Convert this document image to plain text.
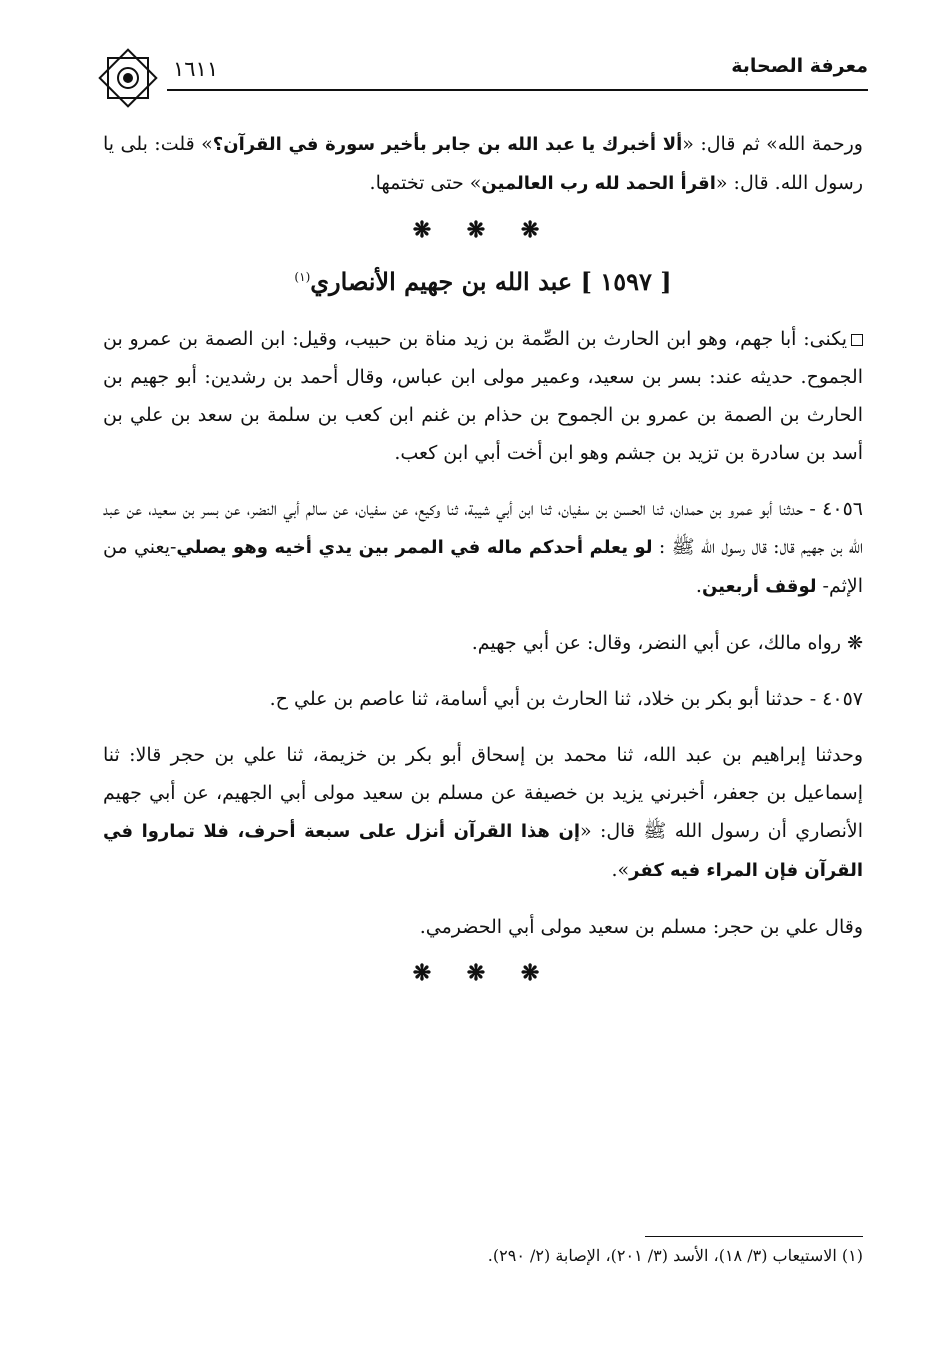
معرفة الصحابة
١٦١١

ورحمة الله» ثم قال: «ألا أخبرك يا عبد الله بن جابر بأخير سورة في القرآن؟» قلت: بلى يا رسول الله. قال: «اقرأ الحمد لله رب العالمين» حتى تختمها.

❋ ❋ ❋
[ ١٥٩٧ ] عبد الله بن جهيم الأنصاري$^{(١)}$

يكنى: أبا جهم، وهو ابن الحارث بن الصِّمة بن زيد مناة بن حبيب، وقيل: ابن الصمة بن عمرو بن الجموح. حديثه عند: بسر بن سعيد، وعمير مولى ابن عباس، وقال أحمد بن رشدين: أبو جهيم بن الحارث بن الصمة بن عمرو بن الجموح بن حذام بن غنم ابن كعب بن سلمة بن سعد بن علي بن أسد بن سادرة بن تزيد بن جشم وهو ابن أخت أبي ابن كعب.

٤٠٥٦ - حدثنا أبو عمرو بن حمدان، ثنا الحسن بن سفيان، ثنا ابن أبي شيبة، ثنا وكيع، عن سفيان، عن سالم أبي النضر، عن بسر بن سعيد، عن عبد الله بن جهيم قال: قال رسول الله ﷺ : لو يعلم أحدكم ماله في الممر بين يدي أخيه وهو يصلي-يعني من الإثم- لوقف أربعين.

❋ رواه مالك، عن أبي النضر، وقال: عن أبي جهيم.

٤٠٥٧ - حدثنا أبو بكر بن خلاد، ثنا الحارث بن أبي أسامة، ثنا عاصم بن علي ح.

وحدثنا إبراهيم بن عبد الله، ثنا محمد بن إسحاق أبو بكر بن خزيمة، ثنا علي بن حجر قالا: ثنا إسماعيل بن جعفر، أخبرني يزيد بن خصيفة عن مسلم بن سعيد مولى أبي الجهيم، عن أبي جهيم الأنصاري أن رسول الله ﷺ قال: «إن هذا القرآن أنزل على سبعة أحرف، فلا تماروا في القرآن فإن المراء فيه كفر».

وقال علي بن حجر: مسلم بن سعيد مولى أبي الحضرمي.

❋ ❋ ❋
(١) الاستيعاب (٣/ ١٨)، الأسد (٣/ ٢٠١)، الإصابة (٢/ ٢٩٠).
